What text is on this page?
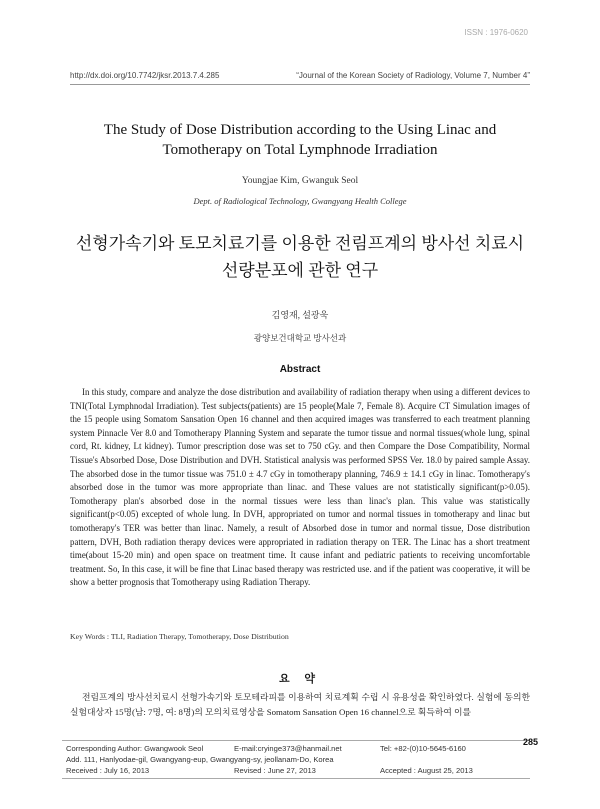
ISSN : 1976-0620
http://dx.doi.org/10.7742/jksr.2013.7.4.285	“Journal of the Korean Society of Radiology, Volume 7, Number 4”
The Study of Dose Distribution according to the Using Linac and
Tomotherapy on Total Lymphnode Irradiation
Youngjae Kim, Gwanguk Seol
Dept. of Radiological Technology, Gwangyang Health College
선형가속기와 토모치료기를 이용한 전림프계의 방사선 치료시
선량분포에 관한 연구
김영재, 설광욱
광양보건대학교 방사선과
Abstract
In this study, compare and analyze the dose distribution and availability of radiation therapy when using a different devices to TNI(Total Lymphnodal Irradiation). Test subjects(patients) are 15 people(Male 7, Female 8). Acquire CT Simulation images of the 15 people using Somatom Sansation Open 16 channel and then acquired images was transferred to each treatment planning system Pinnacle Ver 8.0 and Tomotherapy Planning System and separate the tumor tissue and normal tissues(whole lung, spinal cord, Rt. kidney, Lt kidney). Tumor prescription dose was set to 750 cGy. and then Compare the Dose Compatibility, Normal Tissue's Absorbed Dose, Dose Distribution and DVH. Statistical analysis was performed SPSS Ver. 18.0 by paired sample Assay. The absorbed dose in the tumor tissue was 751.0 ± 4.7 cGy in tomotherapy planning, 746.9 ± 14.1 cGy in linac. Tomotherapy's absorbed dose in the tumor was more appropriate than linac. and These values are not statistically significant(p>0.05). Tomotherapy plan's absorbed dose in the normal tissues were less than linac's plan. This value was statistically significant(p<0.05) excepted of whole lung. In DVH, appropriated on tumor and normal tissues in tomotherapy and linac but tomotherapy's TER was better than linac. Namely, a result of Absorbed dose in tumor and normal tissue, Dose distribution pattern, DVH, Both radiation therapy devices were appropriated in radiation therapy on TER. The Linac has a short treatment time(about 15-20 min) and open space on treatment time. It cause infant and pediatric patients to receiving uncomfortable treatment. So, In this case, it will be fine that Linac based therapy was restricted use. and if the patient was cooperative, it will be show a better prognosis that Tomotherapy using Radiation Therapy.
Key Words : TLI, Radiation Therapy, Tomotherapy, Dose Distribution
요 약
전림프계의 방사선치료시 선형가속기와 토모테라피를 이용하여 치료계획 수립 시 유용성을 확인하였다. 실험에 동의한 실험대상자 15명(남: 7명, 여: 8명)의 모의치료영상을 Somatom Sansation Open 16 channel으로 획득하여 이를
Corresponding Author: Gwangwook Seol	E-mail:cryinge373@hanmail.net	Tel: +82-(0)10-5645-6160
Add. 111, Hanlyodae-gil, Gwangyang-eup, Gwangyang-sy, jeollanam-Do, Korea
Received : July 16, 2013	Revised : June 27, 2013	Accepted : August 25, 2013
285
